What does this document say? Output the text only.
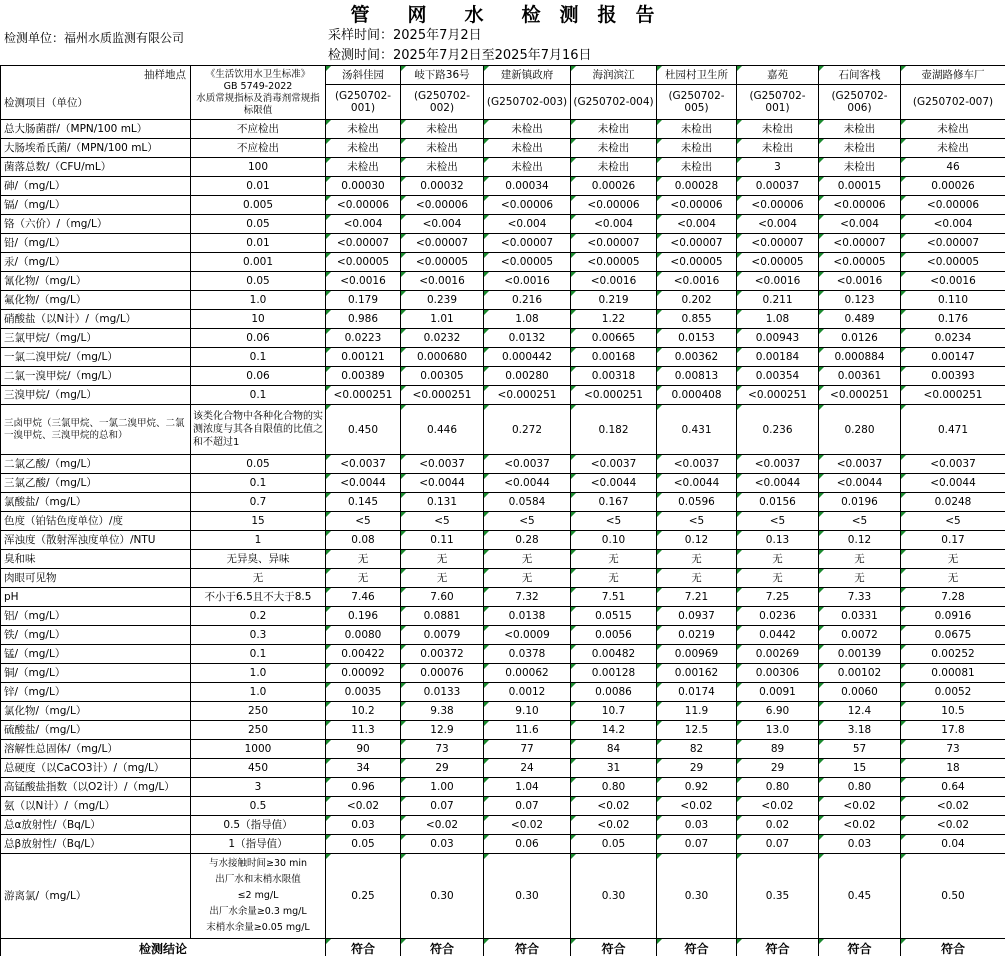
管　　网　　水　　检　测　报　告
检测单位：福州水质监测有限公司	采样时间：2025年7月2日
检测时间：2025年7月2日至2025年7月16日
抽样地点
检测项目（单位）	《生活饮用水卫生标准》
GB 5749-2022
水质常规指标及消毒剂常规指标限值	汤斜佳园	岐下路36号	建新镇政府	海润滨江	杜园村卫生所	嘉苑	石间客栈	壶湖路修车厂
		(G250702-001)	(G250702-002)	(G250702-003)	(G250702-004)	(G250702-005)	(G250702-001)	(G250702-006)	(G250702-007)
总大肠菌群/（MPN/100 mL）	不应检出	未检出	未检出	未检出	未检出	未检出	未检出	未检出	未检出
大肠埃希氏菌/（MPN/100 mL）	不应检出	未检出	未检出	未检出	未检出	未检出	未检出	未检出	未检出
菌落总数/（CFU/mL）	100	未检出	未检出	未检出	未检出	未检出	3	未检出	46
砷/（mg/L）	0.01	0.00030	0.00032	0.00034	0.00026	0.00028	0.00037	0.00015	0.00026
镉/（mg/L）	0.005	<0.00006	<0.00006	<0.00006	<0.00006	<0.00006	<0.00006	<0.00006	<0.00006
铬（六价）/（mg/L）	0.05	<0.004	<0.004	<0.004	<0.004	<0.004	<0.004	<0.004	<0.004
铅/（mg/L）	0.01	<0.00007	<0.00007	<0.00007	<0.00007	<0.00007	<0.00007	<0.00007	<0.00007
汞/（mg/L）	0.001	<0.00005	<0.00005	<0.00005	<0.00005	<0.00005	<0.00005	<0.00005	<0.00005
氰化物/（mg/L）	0.05	<0.0016	<0.0016	<0.0016	<0.0016	<0.0016	<0.0016	<0.0016	<0.0016
氟化物/（mg/L）	1.0	0.179	0.239	0.216	0.219	0.202	0.211	0.123	0.110
硝酸盐（以N计）/（mg/L）	10	0.986	1.01	1.08	1.22	0.855	1.08	0.489	0.176
三氯甲烷/（mg/L）	0.06	0.0223	0.0232	0.0132	0.00665	0.0153	0.00943	0.0126	0.0234
一氯二溴甲烷/（mg/L）	0.1	0.00121	0.000680	0.000442	0.00168	0.00362	0.00184	0.000884	0.00147
二氯一溴甲烷/（mg/L）	0.06	0.00389	0.00305	0.00280	0.00318	0.00813	0.00354	0.00361	0.00393
三溴甲烷/（mg/L）	0.1	<0.000251	<0.000251	<0.000251	<0.000251	0.000408	<0.000251	<0.000251	<0.000251
三卤甲烷（三氯甲烷、一氯二溴甲烷、二氯一溴甲烷、三溴甲烷的总和）	该类化合物中各种化合物的实测浓度与其各自限值的比值之和不超过1	0.450	0.446	0.272	0.182	0.431	0.236	0.280	0.471
二氯乙酸/（mg/L）	0.05	<0.0037	<0.0037	<0.0037	<0.0037	<0.0037	<0.0037	<0.0037	<0.0037
三氯乙酸/（mg/L）	0.1	<0.0044	<0.0044	<0.0044	<0.0044	<0.0044	<0.0044	<0.0044	<0.0044
氯酸盐/（mg/L）	0.7	0.145	0.131	0.0584	0.167	0.0596	0.0156	0.0196	0.0248
色度（铂钴色度单位）/度	15	<5	<5	<5	<5	<5	<5	<5	<5
浑浊度（散射浑浊度单位）/NTU	1	0.08	0.11	0.28	0.10	0.12	0.13	0.12	0.17
臭和味	无异臭、异味	无	无	无	无	无	无	无	无
肉眼可见物	无	无	无	无	无	无	无	无	无
pH	不小于6.5且不大于8.5	7.46	7.60	7.32	7.51	7.21	7.25	7.33	7.28
铝/（mg/L）	0.2	0.196	0.0881	0.0138	0.0515	0.0937	0.0236	0.0331	0.0916
铁/（mg/L）	0.3	0.0080	0.0079	<0.0009	0.0056	0.0219	0.0442	0.0072	0.0675
锰/（mg/L）	0.1	0.00422	0.00372	0.0378	0.00482	0.00969	0.00269	0.00139	0.00252
铜/（mg/L）	1.0	0.00092	0.00076	0.00062	0.00128	0.00162	0.00306	0.00102	0.00081
锌/（mg/L）	1.0	0.0035	0.0133	0.0012	0.0086	0.0174	0.0091	0.0060	0.0052
氯化物/（mg/L）	250	10.2	9.38	9.10	10.7	11.9	6.90	12.4	10.5
硫酸盐/（mg/L）	250	11.3	12.9	11.6	14.2	12.5	13.0	3.18	17.8
溶解性总固体/（mg/L）	1000	90	73	77	84	82	89	57	73
总硬度（以CaCO3计）/（mg/L）	450	34	29	24	31	29	29	15	18
高锰酸盐指数（以O2计）/（mg/L）	3	0.96	1.00	1.04	0.80	0.92	0.80	0.80	0.64
氨（以N计）/（mg/L）	0.5	<0.02	0.07	0.07	<0.02	<0.02	<0.02	<0.02	<0.02
总α放射性/（Bq/L）	0.5（指导值）	0.03	<0.02	<0.02	<0.02	0.03	0.02	<0.02	<0.02
总β放射性/（Bq/L）	1（指导值）	0.05	0.03	0.06	0.05	0.07	0.07	0.03	0.04
游离氯/（mg/L）	与水接触时间≥30 min
出厂水和末梢水限值
≤2 mg/L
出厂水余量≥0.3 mg/L
末梢水余量≥0.05 mg/L	0.25	0.30	0.30	0.30	0.30	0.35	0.45	0.50
检测结论		符合	符合	符合	符合	符合	符合	符合	符合
